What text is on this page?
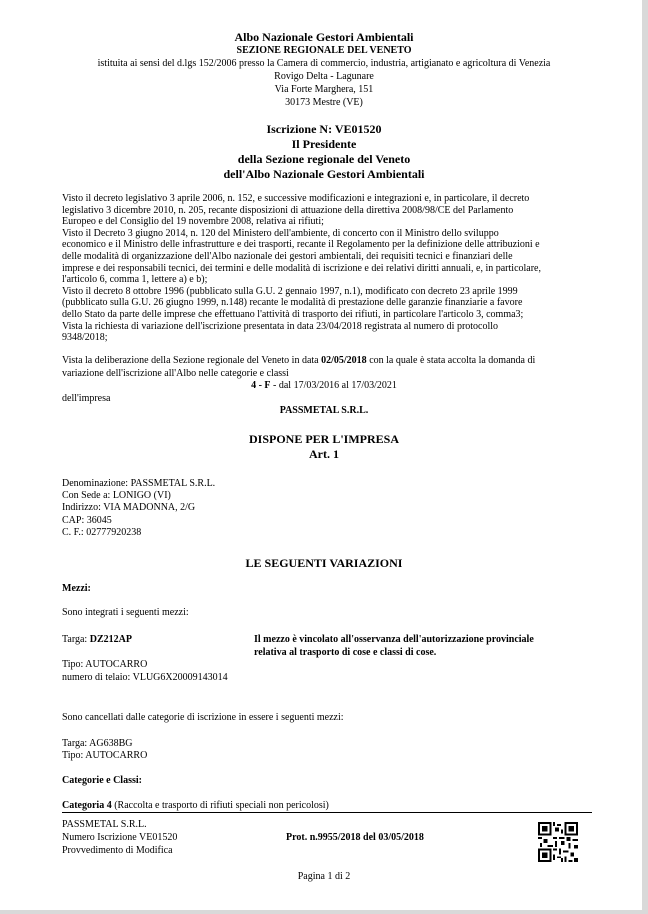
Albo Nazionale Gestori Ambientali
SEZIONE REGIONALE DEL VENETO
istituita ai sensi del d.lgs 152/2006 presso la Camera di commercio, industria, artigianato e agricoltura di Venezia
Rovigo Delta - Lagunare
Via Forte Marghera, 151
30173 Mestre (VE)
Iscrizione N: VE01520
Il Presidente
della Sezione regionale del Veneto
dell'Albo Nazionale Gestori Ambientali
Visto il decreto legislativo 3 aprile 2006, n. 152, e successive modificazioni e integrazioni e, in particolare, il decreto
legislativo 3 dicembre 2010, n. 205, recante disposizioni di attuazione della direttiva 2008/98/CE del Parlamento
Europeo e del Consiglio del 19 novembre 2008, relativa ai rifiuti;
Visto il Decreto 3 giugno 2014, n. 120 del Ministero dell'ambiente, di concerto con il Ministro dello sviluppo
economico e il Ministro delle infrastrutture e dei trasporti, recante il Regolamento per la definizione delle attribuzioni e
delle modalità di organizzazione dell'Albo nazionale dei gestori ambientali, dei requisiti tecnici e finanziari delle
imprese e dei responsabili tecnici, dei termini e delle modalità di iscrizione e dei relativi diritti annuali, e, in particolare,
l'articolo 6, comma 1, lettere a) e b);
Visto il decreto 8 ottobre 1996 (pubblicato sulla G.U. 2 gennaio 1997, n.1), modificato con decreto 23 aprile 1999
(pubblicato sulla G.U. 26 giugno 1999, n.148) recante le modalità di prestazione delle garanzie finanziarie a favore
dello Stato da parte delle imprese che effettuano l'attività di trasporto dei rifiuti, in particolare l'articolo 3, comma3;
Vista la richiesta di variazione dell'iscrizione presentata in data 23/04/2018 registrata al numero di protocollo
9348/2018;
Vista la deliberazione della Sezione regionale del Veneto in data 02/05/2018 con la quale è stata accolta la domanda di
variazione dell'iscrizione all'Albo nelle categorie e classi
4 - F - dal 17/03/2016 al 17/03/2021
dell'impresa
PASSMETAL S.R.L.
DISPONE PER L'IMPRESA
Art. 1
Denominazione: PASSMETAL S.R.L.
Con Sede a: LONIGO (VI)
Indirizzo: VIA MADONNA, 2/G
CAP: 36045
C. F.: 02777920238
LE SEGUENTI VARIAZIONI
Mezzi:
Sono integrati i seguenti mezzi:
Targa: DZ212AP	Il mezzo è vincolato all'osservanza dell'autorizzazione provinciale
relativa al trasporto di cose e classi di cose.
Tipo: AUTOCARRO
numero di telaio: VLUG6X20009143014
Sono cancellati dalle categorie di iscrizione in essere i seguenti mezzi:
Targa: AG638BG
Tipo: AUTOCARRO
Categorie e Classi:
Categoria 4 (Raccolta e trasporto di rifiuti speciali non pericolosi)
PASSMETAL S.R.L.
Numero Iscrizione VE01520
Provvedimento di Modifica
Prot. n.9955/2018 del 03/05/2018
Pagina 1 di 2
